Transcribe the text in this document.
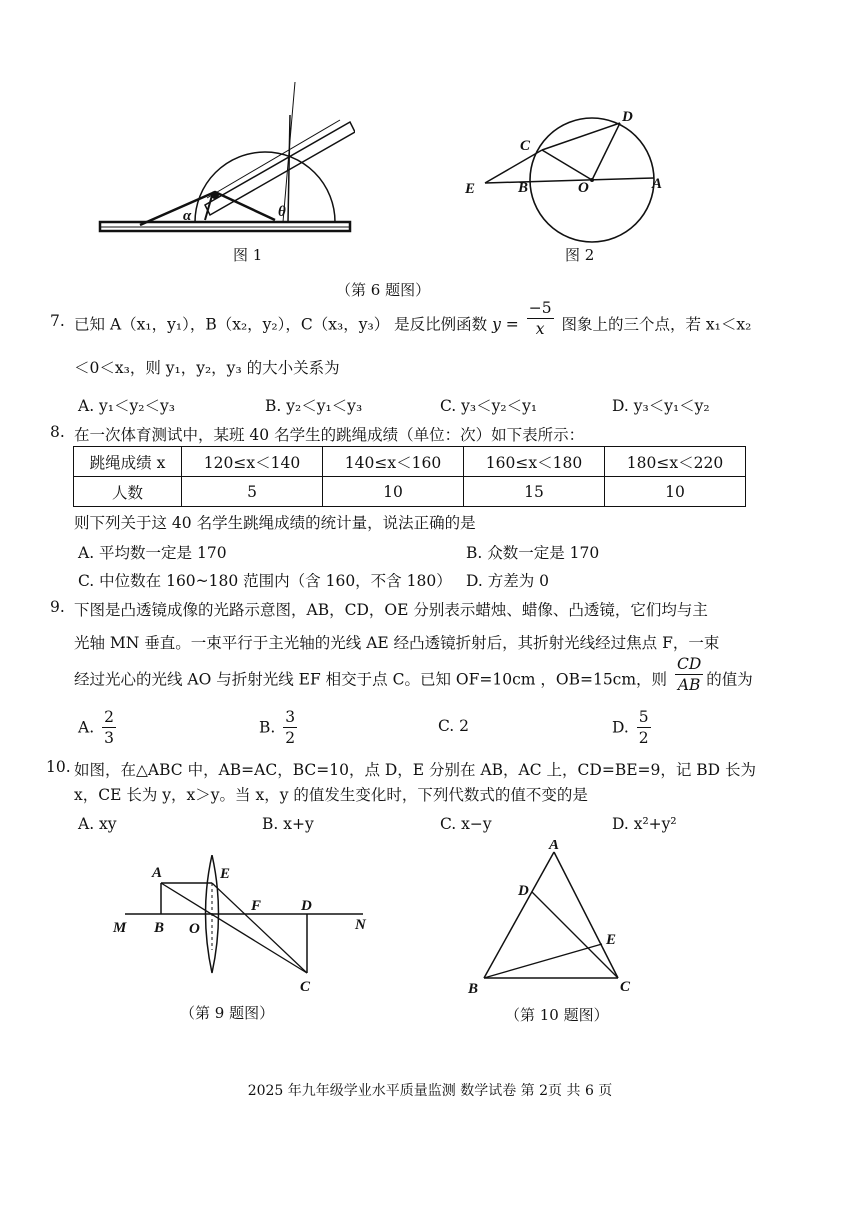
α	θ
图 1
D
C
E	B	O	A
图 2
（第 6 题图）
7. 已知 A（x₁，y₁），B（x₂，y₂），C（x₃，y₃） 是反比例函数 $y = \frac{-5}{x}$ 图象上的三个点，若 x₁＜x₂
＜0＜x₃，则 y₁，y₂，y₃ 的大小关系为
A. y₁＜y₂＜y₃	B. y₂＜y₁＜y₃	C. y₃＜y₂＜y₁	D. y₃＜y₁＜y₂
8. 在一次体育测试中，某班 40 名学生的跳绳成绩（单位：次）如下表所示：
跳绳成绩 x	120≤x＜140	140≤x＜160	160≤x＜180	180≤x＜220
人数	5	10	15	10
则下列关于这 40 名学生跳绳成绩的统计量，说法正确的是
A. 平均数一定是 170	B. 众数一定是 170
C. 中位数在 160~180 范围内（含 160，不含 180） D. 方差为 0
9. 下图是凸透镜成像的光路示意图，AB，CD，OE 分别表示蜡烛、蜡像、凸透镜，它们均与主
光轴 MN 垂直。一束平行于主光轴的光线 AE 经凸透镜折射后，其折射光线经过焦点 F，一束
经过光心的光线 AO 与折射光线 EF 相交于点 C。已知 OF=10cm ，OB=15cm，则 $\frac{CD}{AB}$ 的值为
A. $\frac{2}{3}$	B. $\frac{3}{2}$	C. 2	D. $\frac{5}{2}$
10. 如图，在△ABC 中，AB=AC，BC=10，点 D，E 分别在 AB，AC 上，CD=BE=9，记 BD 长为
x，CE 长为 y，x＞y。当 x，y 的值发生变化时，下列代数式的值不变的是
A. xy	B. x+y	C. x−y	D. x²+y²
A	E
F	D
M B O	N
C
（第 9 题图）
A
D
E
B	C
（第 10 题图）
2025 年九年级学业水平质量监测 数学试卷 第 2页 共 6 页
